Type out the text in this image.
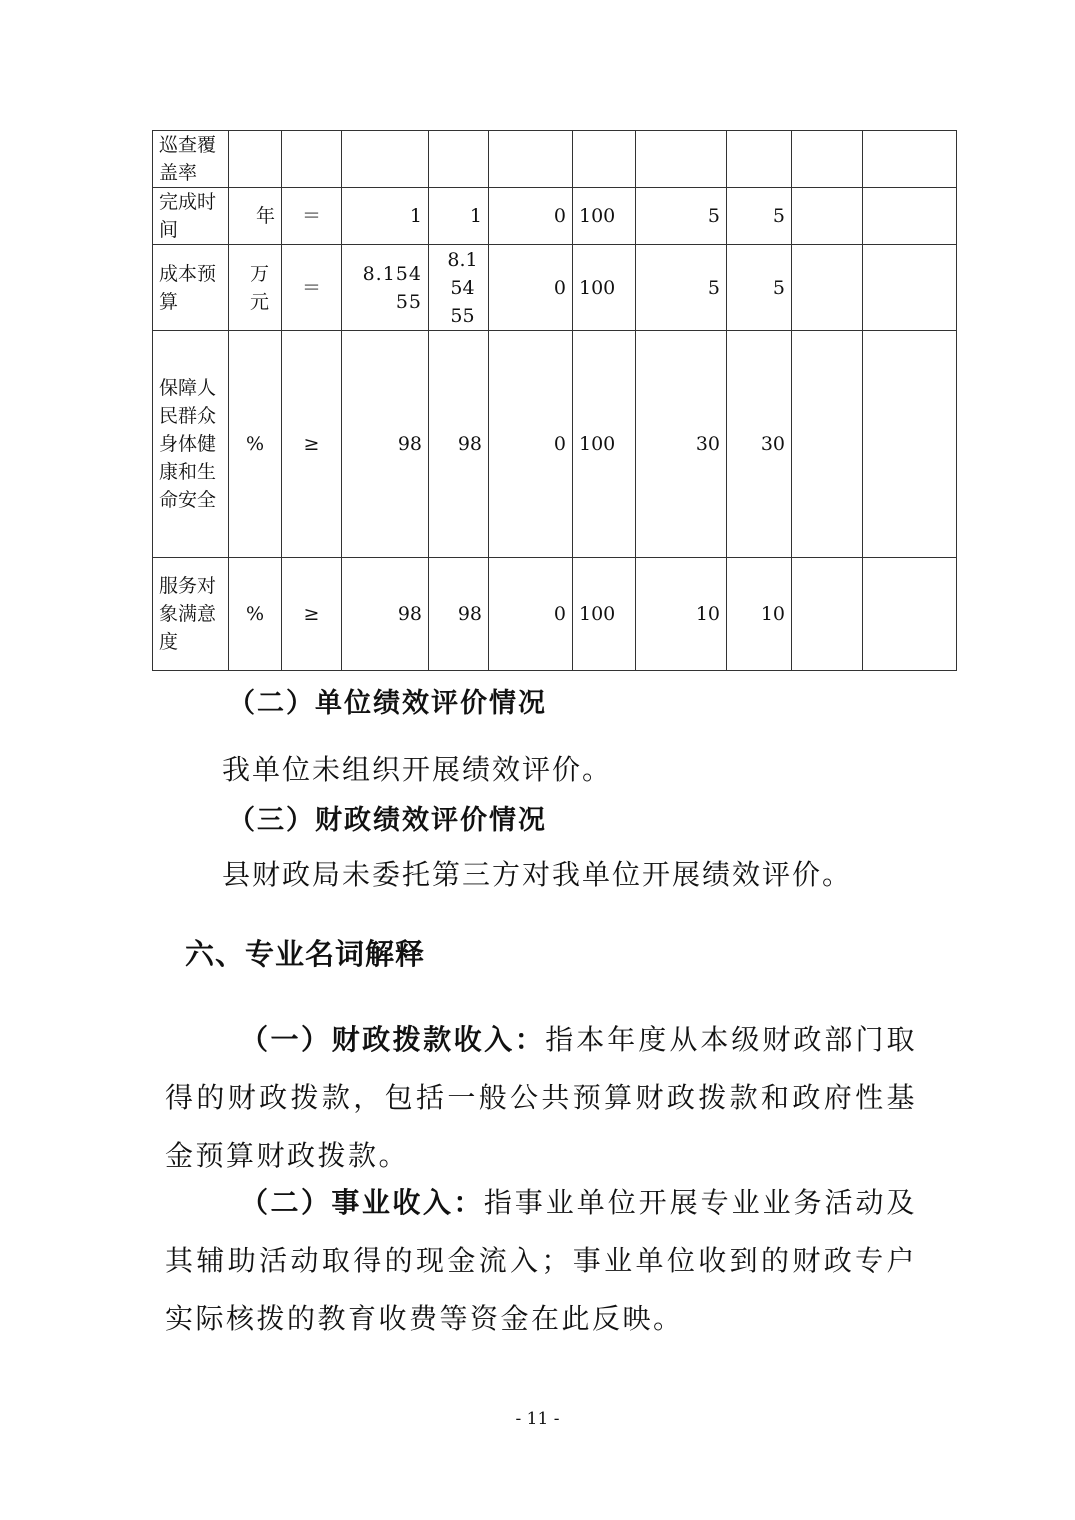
巡查覆盖率										
完成时间	年	＝	1	1	0	100	5	5		
成本预算	万元	＝	8.15455	8.15455	0	100	5	5		
保障人民群众身体健康和生命安全	%	≥	98	98	0	100	30	30		
服务对象满意度	%	≥	98	98	0	100	10	10		
（二）单位绩效评价情况
我单位未组织开展绩效评价。
（三）财政绩效评价情况
县财政局未委托第三方对我单位开展绩效评价。
六、专业名词解释
（一）财政拨款收入：指本年度从本级财政部门取得的财政拨款，包括一般公共预算财政拨款和政府性基金预算财政拨款。
（二）事业收入：指事业单位开展专业业务活动及其辅助活动取得的现金流入；事业单位收到的财政专户实际核拨的教育收费等资金在此反映。
- 11 -
